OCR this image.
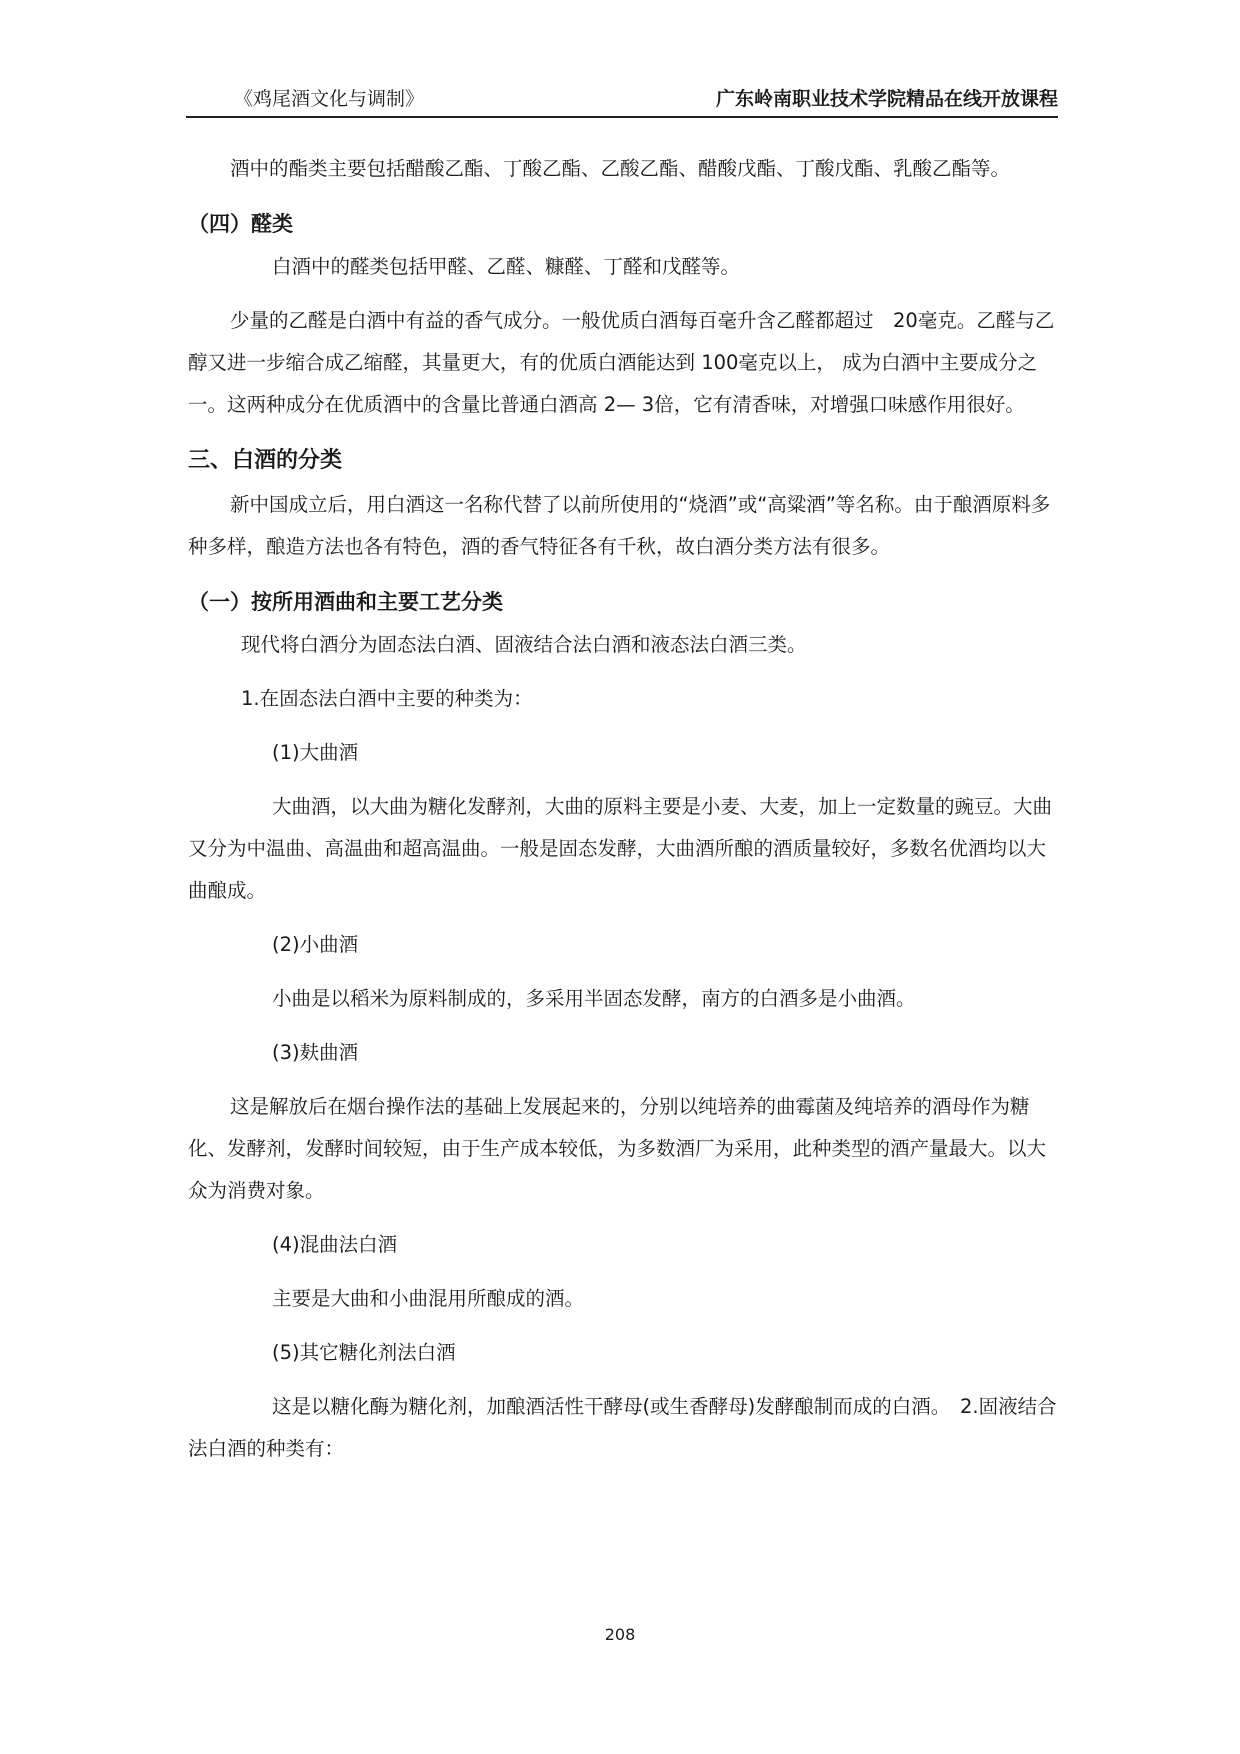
《鸡尾酒文化与调制》	广东岭南职业技术学院精品在线开放课程

酒中的酯类主要包括醋酸乙酯、丁酸乙酯、乙酸乙酯、醋酸戊酯、丁酸戊酯、乳酸乙酯等。

（四）醛类

白酒中的醛类包括甲醛、乙醛、糠醛、丁醛和戊醛等。

少量的乙醛是白酒中有益的香气成分。一般优质白酒每百毫升含乙醛都超过　20毫克。乙醛与乙醇又进一步缩合成乙缩醛，其量更大，有的优质白酒能达到 100毫克以上， 成为白酒中主要成分之一。这两种成分在优质酒中的含量比普通白酒高 2— 3倍，它有清香味，对增强口味感作用很好。

三、白酒的分类

新中国成立后，用白酒这一名称代替了以前所使用的“烧酒”或“高粱酒”等名称。由于酿酒原料多种多样，酿造方法也各有特色，酒的香气特征各有千秋，故白酒分类方法有很多。

（一）按所用酒曲和主要工艺分类

现代将白酒分为固态法白酒、固液结合法白酒和液态法白酒三类。

1.在固态法白酒中主要的种类为：

(1)大曲酒

大曲酒，以大曲为糖化发酵剂，大曲的原料主要是小麦、大麦，加上一定数量的豌豆。大曲又分为中温曲、高温曲和超高温曲。一般是固态发酵，大曲酒所酿的酒质量较好，多数名优酒均以大曲酿成。

(2)小曲酒

小曲是以稻米为原料制成的，多采用半固态发酵，南方的白酒多是小曲酒。

(3)麸曲酒

这是解放后在烟台操作法的基础上发展起来的，分别以纯培养的曲霉菌及纯培养的酒母作为糖化、发酵剂，发酵时间较短，由于生产成本较低，为多数酒厂为采用，此种类型的酒产量最大。以大众为消费对象。

(4)混曲法白酒

主要是大曲和小曲混用所酿成的酒。

(5)其它糖化剂法白酒

这是以糖化酶为糖化剂，加酿酒活性干酵母(或生香酵母)发酵酿制而成的白酒。　2.固液结合法白酒的种类有：

208
